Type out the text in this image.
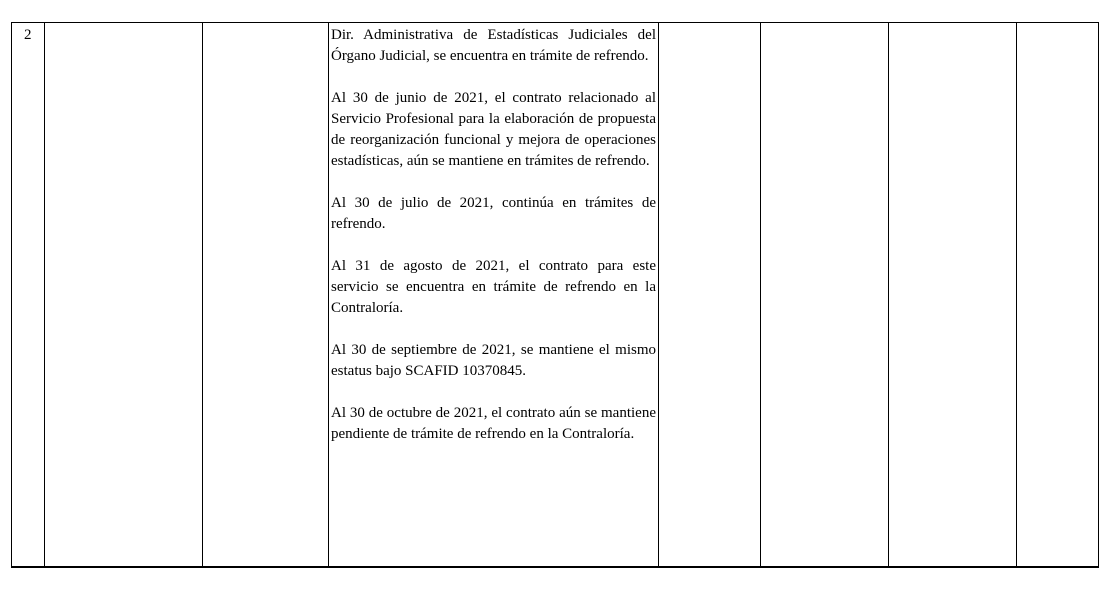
2			Dir. Administrativa de Estadísticas Judiciales del Órgano Judicial, se encuentra en trámite de refrendo.

Al 30 de junio de 2021, el contrato relacionado al Servicio Profesional para la elaboración de propuesta de reorganización funcional y mejora de operaciones estadísticas, aún se mantiene en trámites de refrendo.

Al 30 de julio de 2021, continúa en trámites de refrendo.

Al 31 de agosto de 2021, el contrato para este servicio se encuentra en trámite de refrendo en la Contraloría.

Al 30 de septiembre de 2021, se mantiene el mismo estatus bajo SCAFID 10370845.

Al 30 de octubre de 2021, el contrato aún se mantiene pendiente de trámite de refrendo en la Contraloría.
